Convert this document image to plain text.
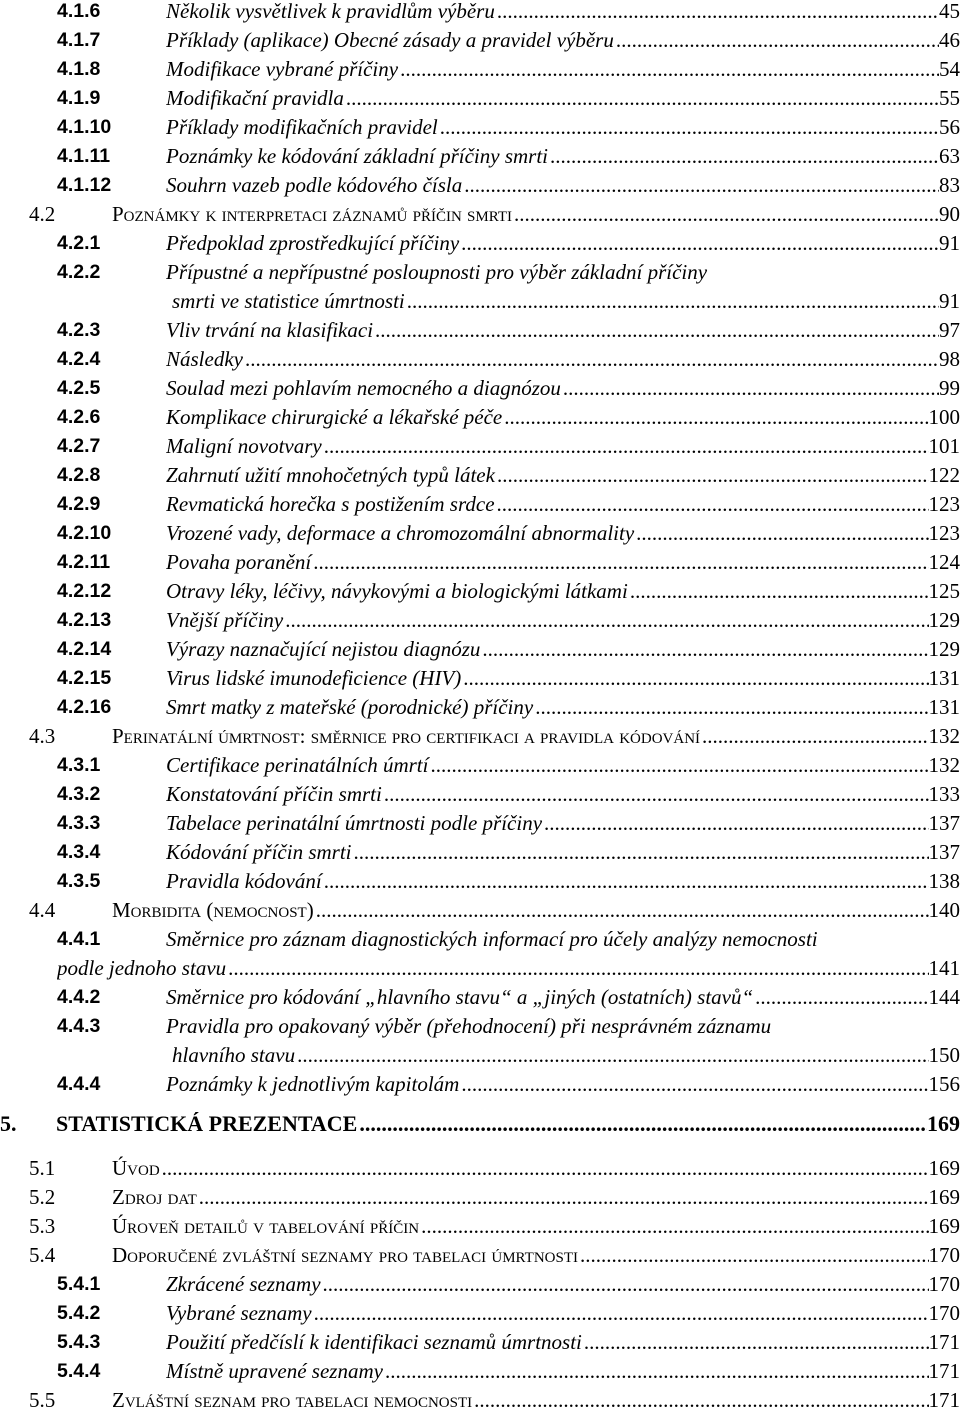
4.1.6	Několik vysvětlivek k pravidlům výběru .....	45
4.1.7	Příklady (aplikace) Obecné zásady a pravidel výběru .....	46
4.1.8	Modifikace vybrané příčiny .....	54
4.1.9	Modifikační pravidla .....	55
4.1.10	Příklady modifikačních pravidel .....	56
4.1.11	Poznámky ke kódování základní příčiny smrti .....	63
4.1.12	Souhrn vazeb podle kódového čísla .....	83
4.2	Poznámky k interpretaci záznamů příčin smrti .....	90
4.2.1	Předpoklad zprostředkující příčiny .....	91
4.2.2	Přípustné a nepřípustné posloupnosti pro výběr základní příčiny
smrti ve statistice úmrtnosti .....	91
4.2.3	Vliv trvání na klasifikaci .....	97
4.2.4	Následky .....	98
4.2.5	Soulad mezi pohlavím nemocného a diagnózou .....	99
4.2.6	Komplikace chirurgické a lékařské péče .....	100
4.2.7	Maligní novotvary .....	101
4.2.8	Zahrnutí užití mnohočetných typů látek .....	122
4.2.9	Revmatická horečka s postižením srdce .....	123
4.2.10	Vrozené vady, deformace a chromozomální abnormality .....	123
4.2.11	Povaha poranění .....	124
4.2.12	Otravy léky, léčivy, návykovými a biologickými látkami .....	125
4.2.13	Vnější příčiny .....	129
4.2.14	Výrazy naznačující nejistou diagnózu .....	129
4.2.15	Virus lidské imunodeficience (HIV) .....	131
4.2.16	Smrt matky z mateřské (porodnické) příčiny .....	131
4.3	Perinatální úmrtnost: směrnice pro certifikaci a pravidla kódování .....	132
4.3.1	Certifikace perinatálních úmrtí .....	132
4.3.2	Konstatování příčin smrti .....	133
4.3.3	Tabelace perinatální úmrtnosti podle příčiny .....	137
4.3.4	Kódování příčin smrti .....	137
4.3.5	Pravidla kódování .....	138
4.4	Morbidita (nemocnost) .....	140
4.4.1	Směrnice pro záznam diagnostických informací pro účely analýzy nemocnosti
podle jednoho stavu .....	141
4.4.2	Směrnice pro kódování „hlavního stavu“ a „jiných (ostatních) stavů“ .....	144
4.4.3	Pravidla pro opakovaný výběr (přehodnocení) při nesprávném záznamu
hlavního stavu .....	150
4.4.4	Poznámky k jednotlivým kapitolám .....	156
5. STATISTICKÁ PREZENTACE .....	169
5.1	Úvod .....	169
5.2	Zdroj dat .....	169
5.3	Úroveň detailů v tabelování příčin .....	169
5.4	Doporučené zvláštní seznamy pro tabelaci úmrtnosti .....	170
5.4.1	Zkrácené seznamy .....	170
5.4.2	Vybrané seznamy .....	170
5.4.3	Použití předčíslí k identifikaci seznamů úmrtnosti .....	171
5.4.4	Místně upravené seznamy .....	171
5.5	Zvláštní seznam pro tabelaci nemocnosti .....	171
